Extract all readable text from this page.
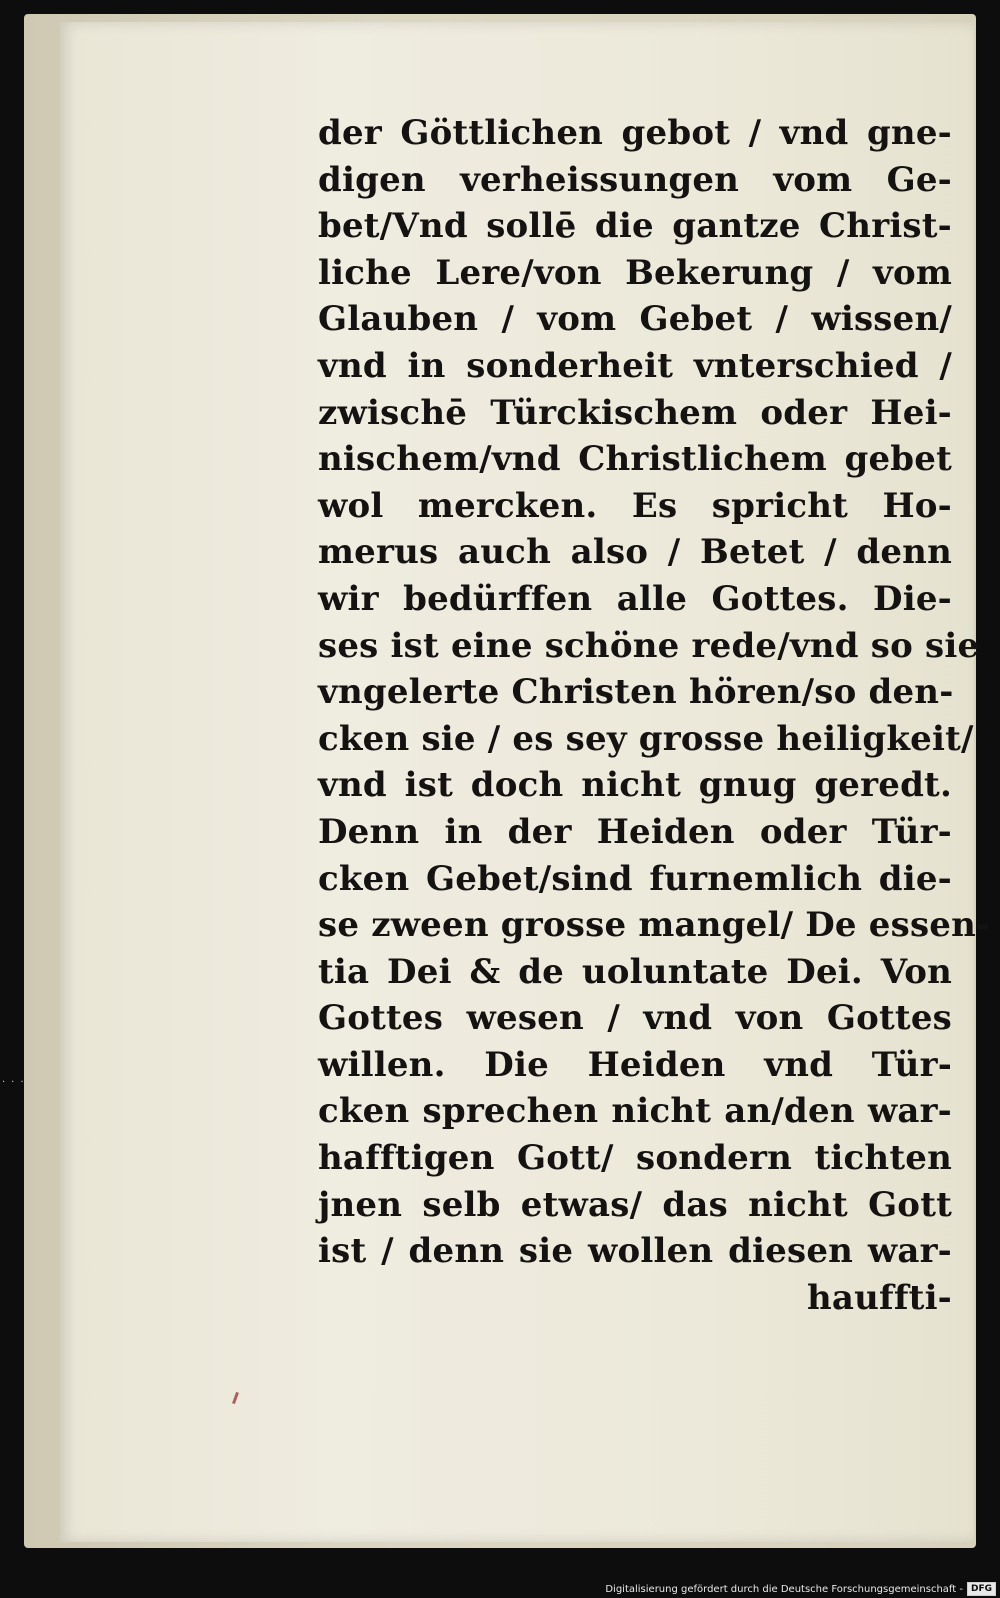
···
der Göttlichen gebot / vnd gne-
digen verheissungen vom Ge-
bet/Vnd sollē die gantze Christ-
liche Lere/von Bekerung / vom
Glauben / vom Gebet / wissen/
vnd in sonderheit vnterschied /
zwischē Türckischem oder Hei-
nischem/vnd Christlichem gebet
wol mercken. Es spricht Ho-
merus auch also / Betet / denn
wir bedürffen alle Gottes. Die-
ses ist eine schöne rede/vnd so sie
vngelerte Christen hören/so den-
cken sie / es sey grosse heiligkeit/
vnd ist doch nicht gnug geredt.
Denn in der Heiden oder Tür-
cken Gebet/sind furnemlich die-
se zween grosse mangel/ De essen-
tia Dei & de uoluntate Dei. Von
Gottes wesen / vnd von Gottes
willen. Die Heiden vnd Tür-
cken sprechen nicht an/den war-
hafftigen Gott/ sondern tichten
jnen selb etwas/ das nicht Gott
ist / denn sie wollen diesen war-
hauffti-
Digitalisierung gefördert durch die Deutsche Forschungsgemeinschaft - DFG
